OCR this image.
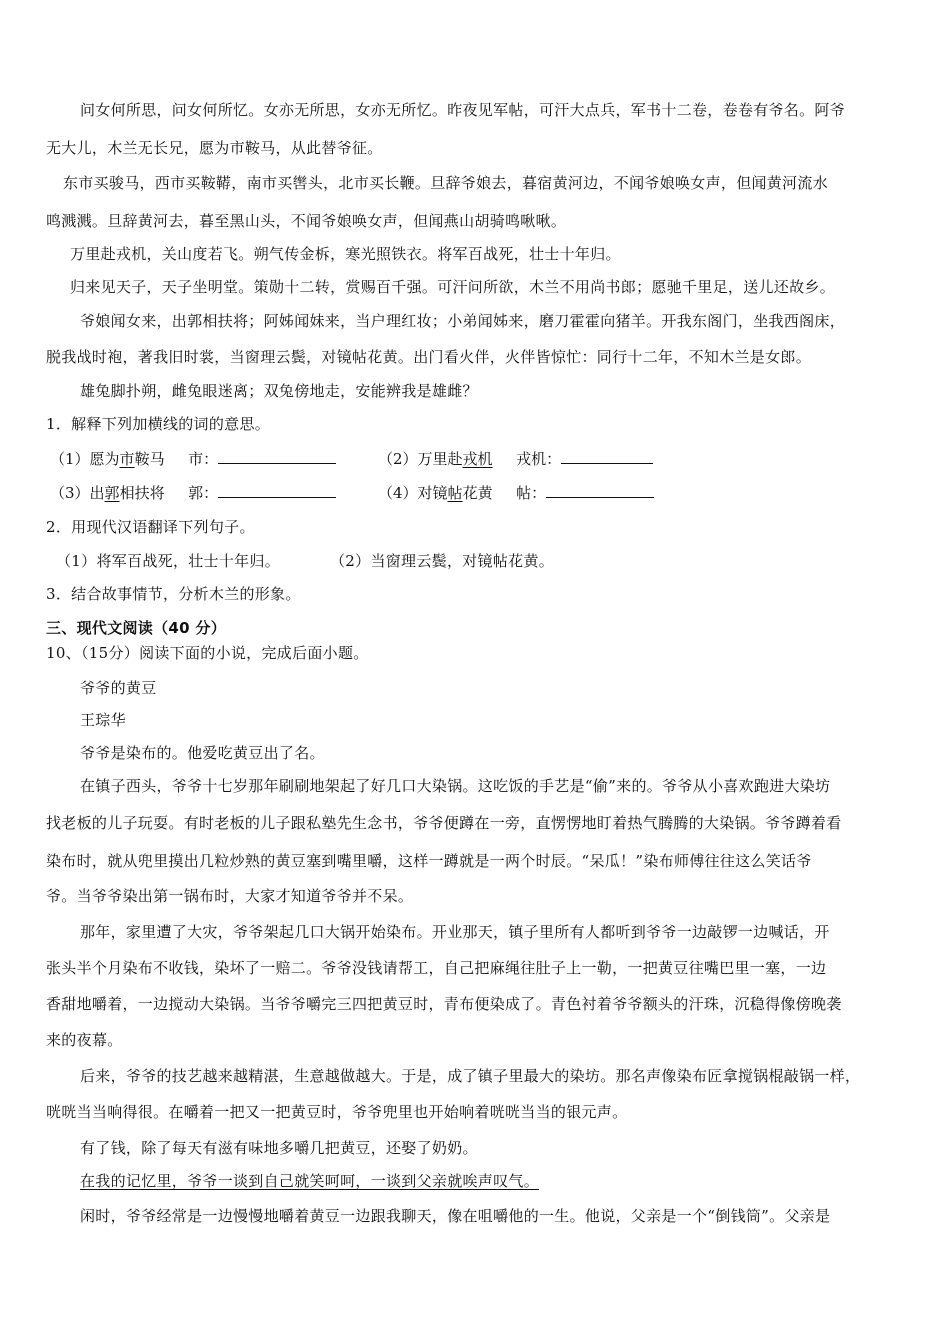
问女何所思，问女何所忆。女亦无所思，女亦无所忆。昨夜见军帖，可汗大点兵，军书十二卷，卷卷有爷名。阿爷
无大儿，木兰无长兄，愿为市鞍马，从此替爷征。
东市买骏马，西市买鞍鞯，南市买辔头，北市买长鞭。旦辞爷娘去，暮宿黄河边，不闻爷娘唤女声，但闻黄河流水
鸣溅溅。旦辞黄河去，暮至黑山头，不闻爷娘唤女声，但闻燕山胡骑鸣啾啾。
万里赴戎机，关山度若飞。朔气传金柝，寒光照铁衣。将军百战死，壮士十年归。
归来见天子，天子坐明堂。策勋十二转，赏赐百千强。可汗问所欲，木兰不用尚书郎；愿驰千里足，送儿还故乡。
爷娘闻女来，出郭相扶将；阿姊闻妹来，当户理红妆；小弟闻姊来，磨刀霍霍向猪羊。开我东阁门，坐我西阁床，
脱我战时袍，著我旧时裳，当窗理云鬓，对镜帖花黄。出门看火伴，火伴皆惊忙：同行十二年，不知木兰是女郎。
雄兔脚扑朔，雌兔眼迷离；双兔傍地走，安能辨我是雄雌？
1．解释下列加横线的词的意思。
（1）愿为市鞍马 市：	（2）万里赴戎机 戎机：
（3）出郭相扶将 郭：	（4）对镜帖花黄 帖：
2．用现代汉语翻译下列句子。
（1）将军百战死，壮士十年归。	（2）当窗理云鬓，对镜帖花黄。
3．结合故事情节，分析木兰的形象。
三、现代文阅读（40 分）
10、（15分）阅读下面的小说，完成后面小题。
爷爷的黄豆
王琮华
爷爷是染布的。他爱吃黄豆出了名。
在镇子西头，爷爷十七岁那年刷刷地架起了好几口大染锅。这吃饭的手艺是“偷”来的。爷爷从小喜欢跑进大染坊
找老板的儿子玩耍。有时老板的儿子跟私塾先生念书，爷爷便蹲在一旁，直愣愣地盯着热气腾腾的大染锅。爷爷蹲着看
染布时，就从兜里摸出几粒炒熟的黄豆塞到嘴里嚼，这样一蹲就是一两个时辰。“呆瓜！”染布师傅往往这么笑话爷
爷。当爷爷染出第一锅布时，大家才知道爷爷并不呆。
那年，家里遭了大灾，爷爷架起几口大锅开始染布。开业那天，镇子里所有人都听到爷爷一边敲锣一边喊话，开
张头半个月染布不收钱，染坏了一赔二。爷爷没钱请帮工，自己把麻绳往肚子上一勒，一把黄豆往嘴巴里一塞，一边
香甜地嚼着，一边搅动大染锅。当爷爷嚼完三四把黄豆时，青布便染成了。青色衬着爷爷额头的汗珠，沉稳得像傍晚袭
来的夜幕。
后来，爷爷的技艺越来越精湛，生意越做越大。于是，成了镇子里最大的染坊。那名声像染布匠拿搅锅棍敲锅一样，
咣咣当当响得很。在嚼着一把又一把黄豆时，爷爷兜里也开始响着咣咣当当的银元声。
有了钱，除了每天有滋有味地多嚼几把黄豆，还娶了奶奶。
在我的记忆里，爷爷一谈到自己就笑呵呵，一谈到父亲就唉声叹气。
闲时，爷爷经常是一边慢慢地嚼着黄豆一边跟我聊天，像在咀嚼他的一生。他说，父亲是一个“倒钱筒”。父亲是
